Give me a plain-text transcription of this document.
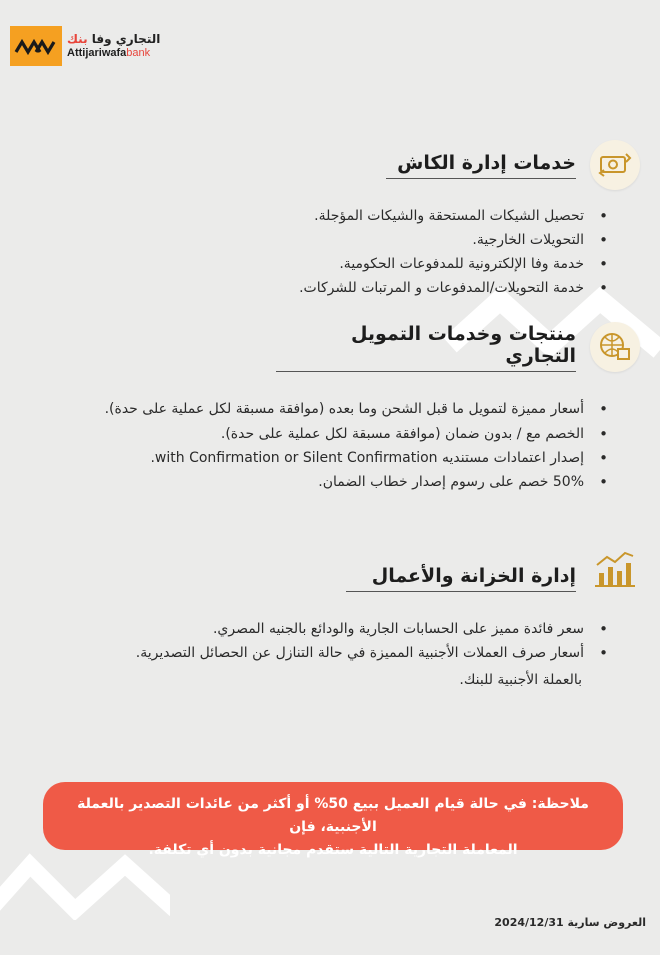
التجاري وفا بنك
Attijariwafabank
خدمات إدارة الكاش
• تحصيل الشيكات المستحقة والشيكات المؤجلة.
• التحويلات الخارجية.
• خدمة وفا الإلكترونية للمدفوعات الحكومية.
• خدمة التحويلات/المدفوعات و المرتبات للشركات.
منتجات وخدمات التمويل التجاري
• أسعار مميزة لتمويل ما قبل الشحن وما بعده (موافقة مسبقة لكل عملية على حدة).
• الخصم مع / بدون ضمان (موافقة مسبقة لكل عملية على حدة).
• إصدار اعتمادات مستنديه with Confirmation or Silent Confirmation.
• 50% خصم على رسوم إصدار خطاب الضمان.
إدارة الخزانة والأعمال
• سعر فائدة مميز على الحسابات الجارية والودائع بالجنيه المصري.
• أسعار صرف العملات الأجنبية المميزة في حالة التنازل عن الحصائل التصديرية.
بالعملة الأجنبية للبنك.
ملاحظة: في حالة قيام العميل ببيع 50% أو أكثر من عائدات التصدير بالعملة الأجنبية، فإن
المعاملة التجارية التالية ستقدم مجانية بدون أي تكلفة.
العروض سارية 2024/12/31
